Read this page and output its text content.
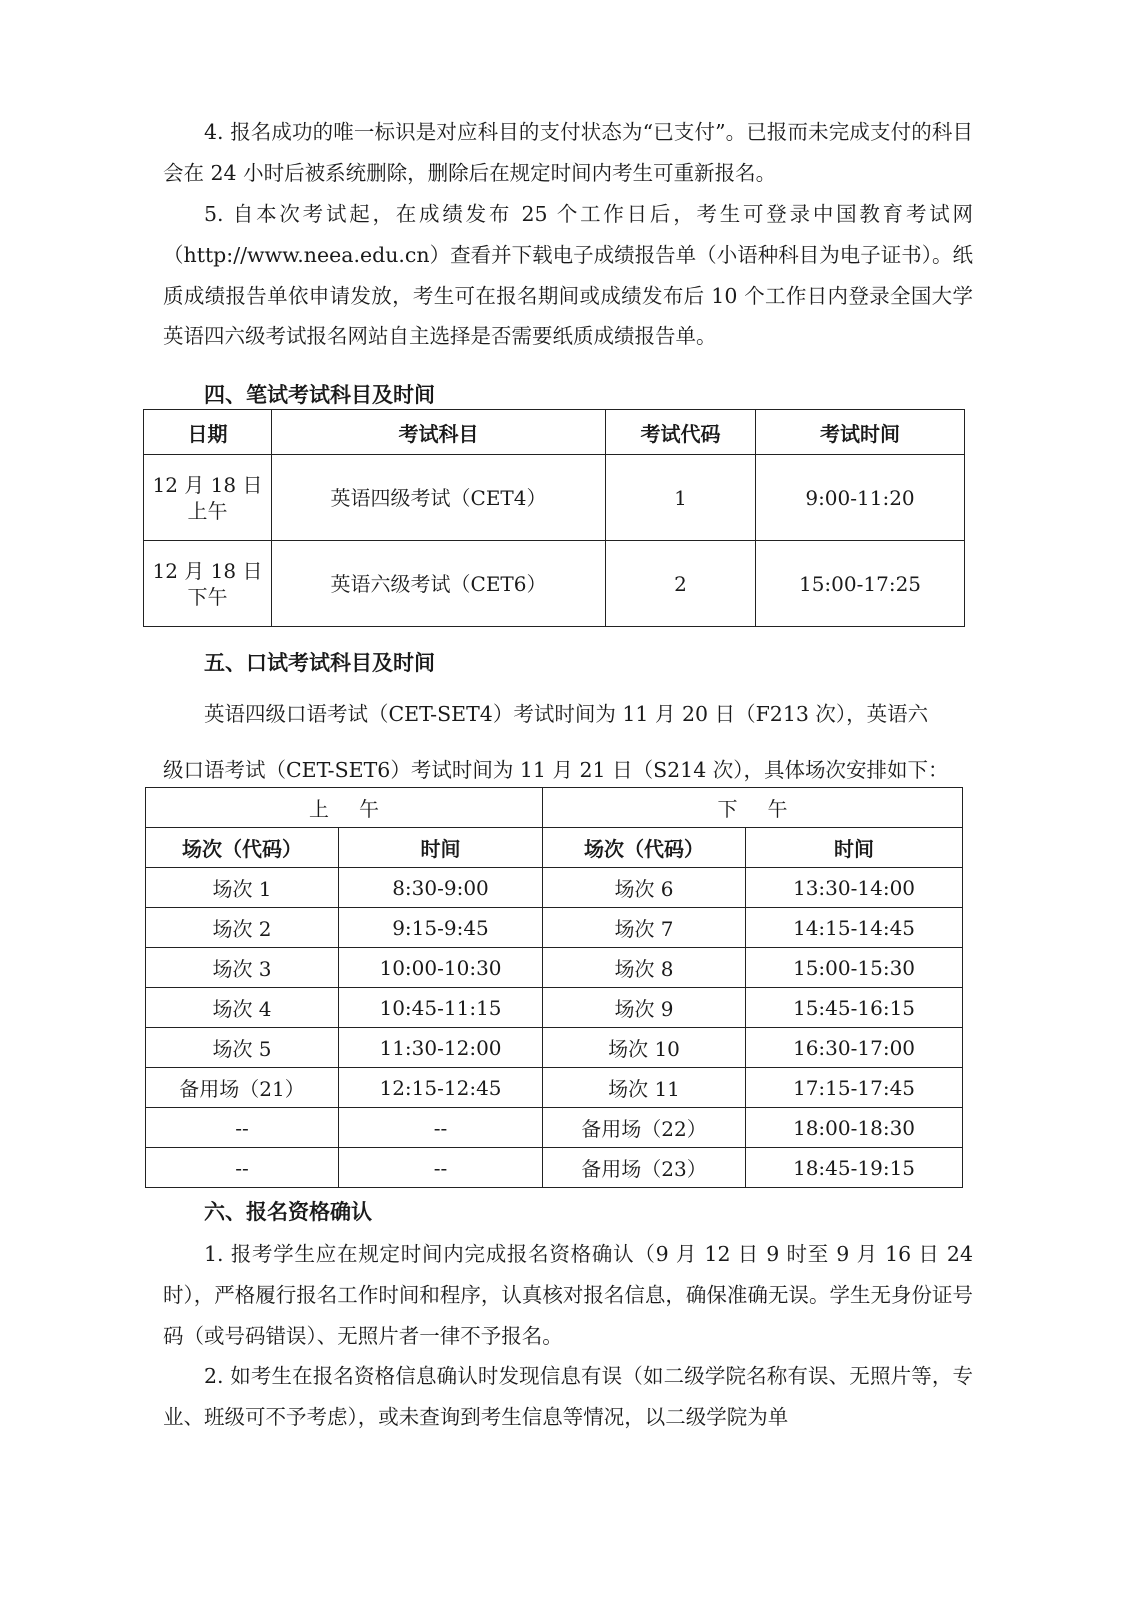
4. 报名成功的唯一标识是对应科目的支付状态为“已支付”。已报而未完成支付的科目会在 24 小时后被系统删除，删除后在规定时间内考生可重新报名。

5. 自本次考试起，在成绩发布 25 个工作日后，考生可登录中国教育考试网（http://www.neea.edu.cn）查看并下载电子成绩报告单（小语种科目为电子证书）。纸质成绩报告单依申请发放，考生可在报名期间或成绩发布后 10 个工作日内登录全国大学英语四六级考试报名网站自主选择是否需要纸质成绩报告单。

四、笔试考试科目及时间
日期	考试科目	考试代码	考试时间

12 月 18 日
上午	英语四级考试（CET4）	1	9:00-11:20

12 月 18 日
下午	英语六级考试（CET6）	2	15:00-17:25
五、口试考试科目及时间

英语四级口语考试（CET-SET4）考试时间为 11 月 20 日（F213 次），英语六

级口语考试（CET-SET6）考试时间为 11 月 21 日（S214 次），具体场次安排如下：

上午		下午	
场次（代码）	时间	场次（代码）	时间
场次 1	8:30-9:00	场次 6	13:30-14:00
场次 2	9:15-9:45	场次 7	14:15-14:45
场次 3	10:00-10:30	场次 8	15:00-15:30
场次 4	10:45-11:15	场次 9	15:45-16:15
场次 5	11:30-12:00	场次 10	16:30-17:00
备用场（21）	12:15-12:45	场次 11	17:15-17:45
--	--	备用场（22）	18:00-18:30
--	--	备用场（23）	18:45-19:15
六、报名资格确认

1. 报考学生应在规定时间内完成报名资格确认（9 月 12 日 9 时至 9 月 16 日 24 时），严格履行报名工作时间和程序，认真核对报名信息，确保准确无误。学生无身份证号码（或号码错误）、无照片者一律不予报名。

2. 如考生在报名资格信息确认时发现信息有误（如二级学院名称有误、无照片等，专业、班级可不予考虑），或未查询到考生信息等情况，以二级学院为单
